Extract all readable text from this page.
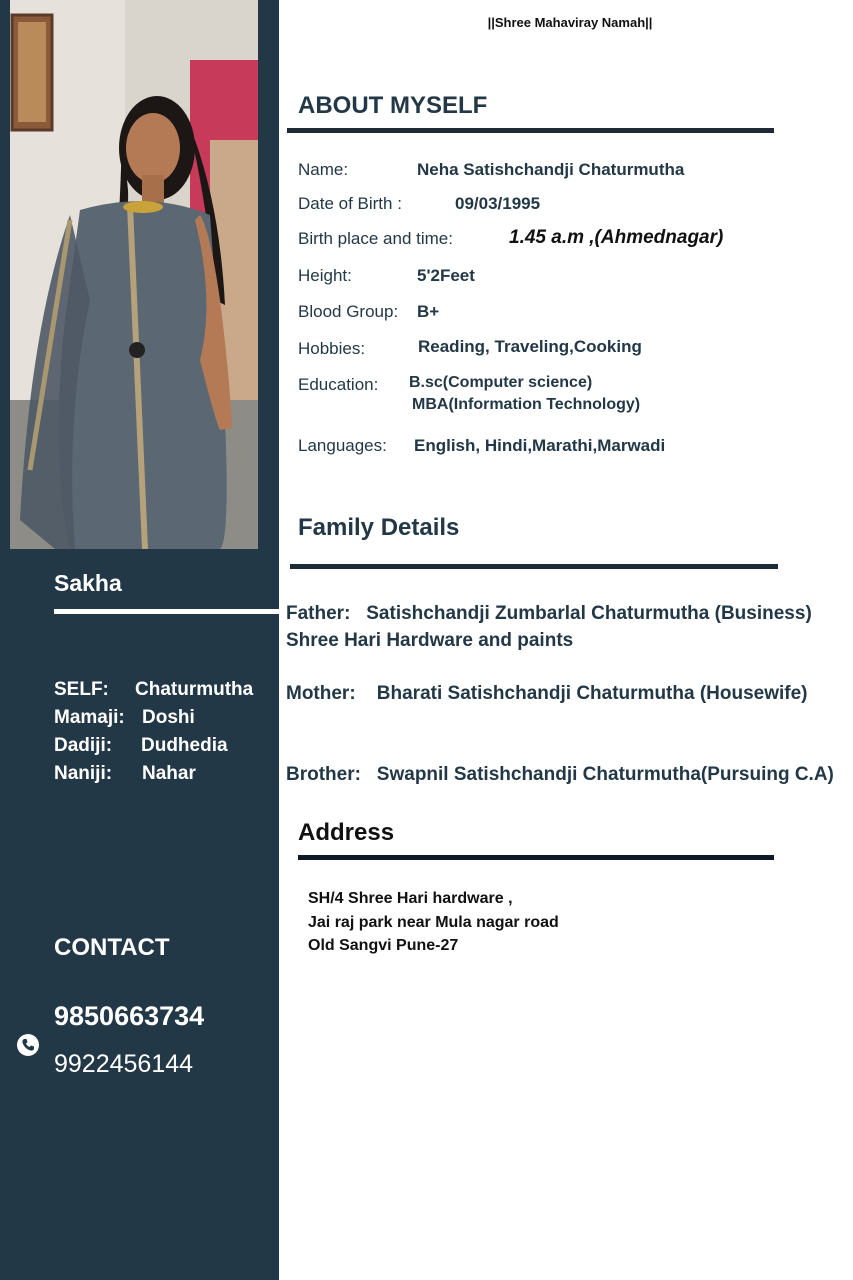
Sakha
SELF: Chaturmutha
Mamaji: Doshi
Dadiji: Dudhedia
Naniji: Nahar
CONTACT
9850663734
9922456144
||Shree Mahaviray Namah||
ABOUT MYSELF
Name:	Neha Satishchandji Chaturmutha
Date of Birth :	09/03/1995
Birth place and time:	1.45 a.m ,(Ahmednagar)
Height:	5'2Feet
Blood Group: B+
Hobbies:	Reading, Traveling,Cooking
Education: B.sc(Computer science)
MBA(Information Technology)
Languages: English, Hindi,Marathi,Marwadi
Family Details
Father: Satishchandji Zumbarlal Chaturmutha (Business)
Shree Hari Hardware and paints
Mother: Bharati Satishchandji Chaturmutha (Housewife)
Brother: Swapnil Satishchandji Chaturmutha(Pursuing C.A)
Address
SH/4 Shree Hari hardware ,
Jai raj park near Mula nagar road
Old Sangvi Pune-27
